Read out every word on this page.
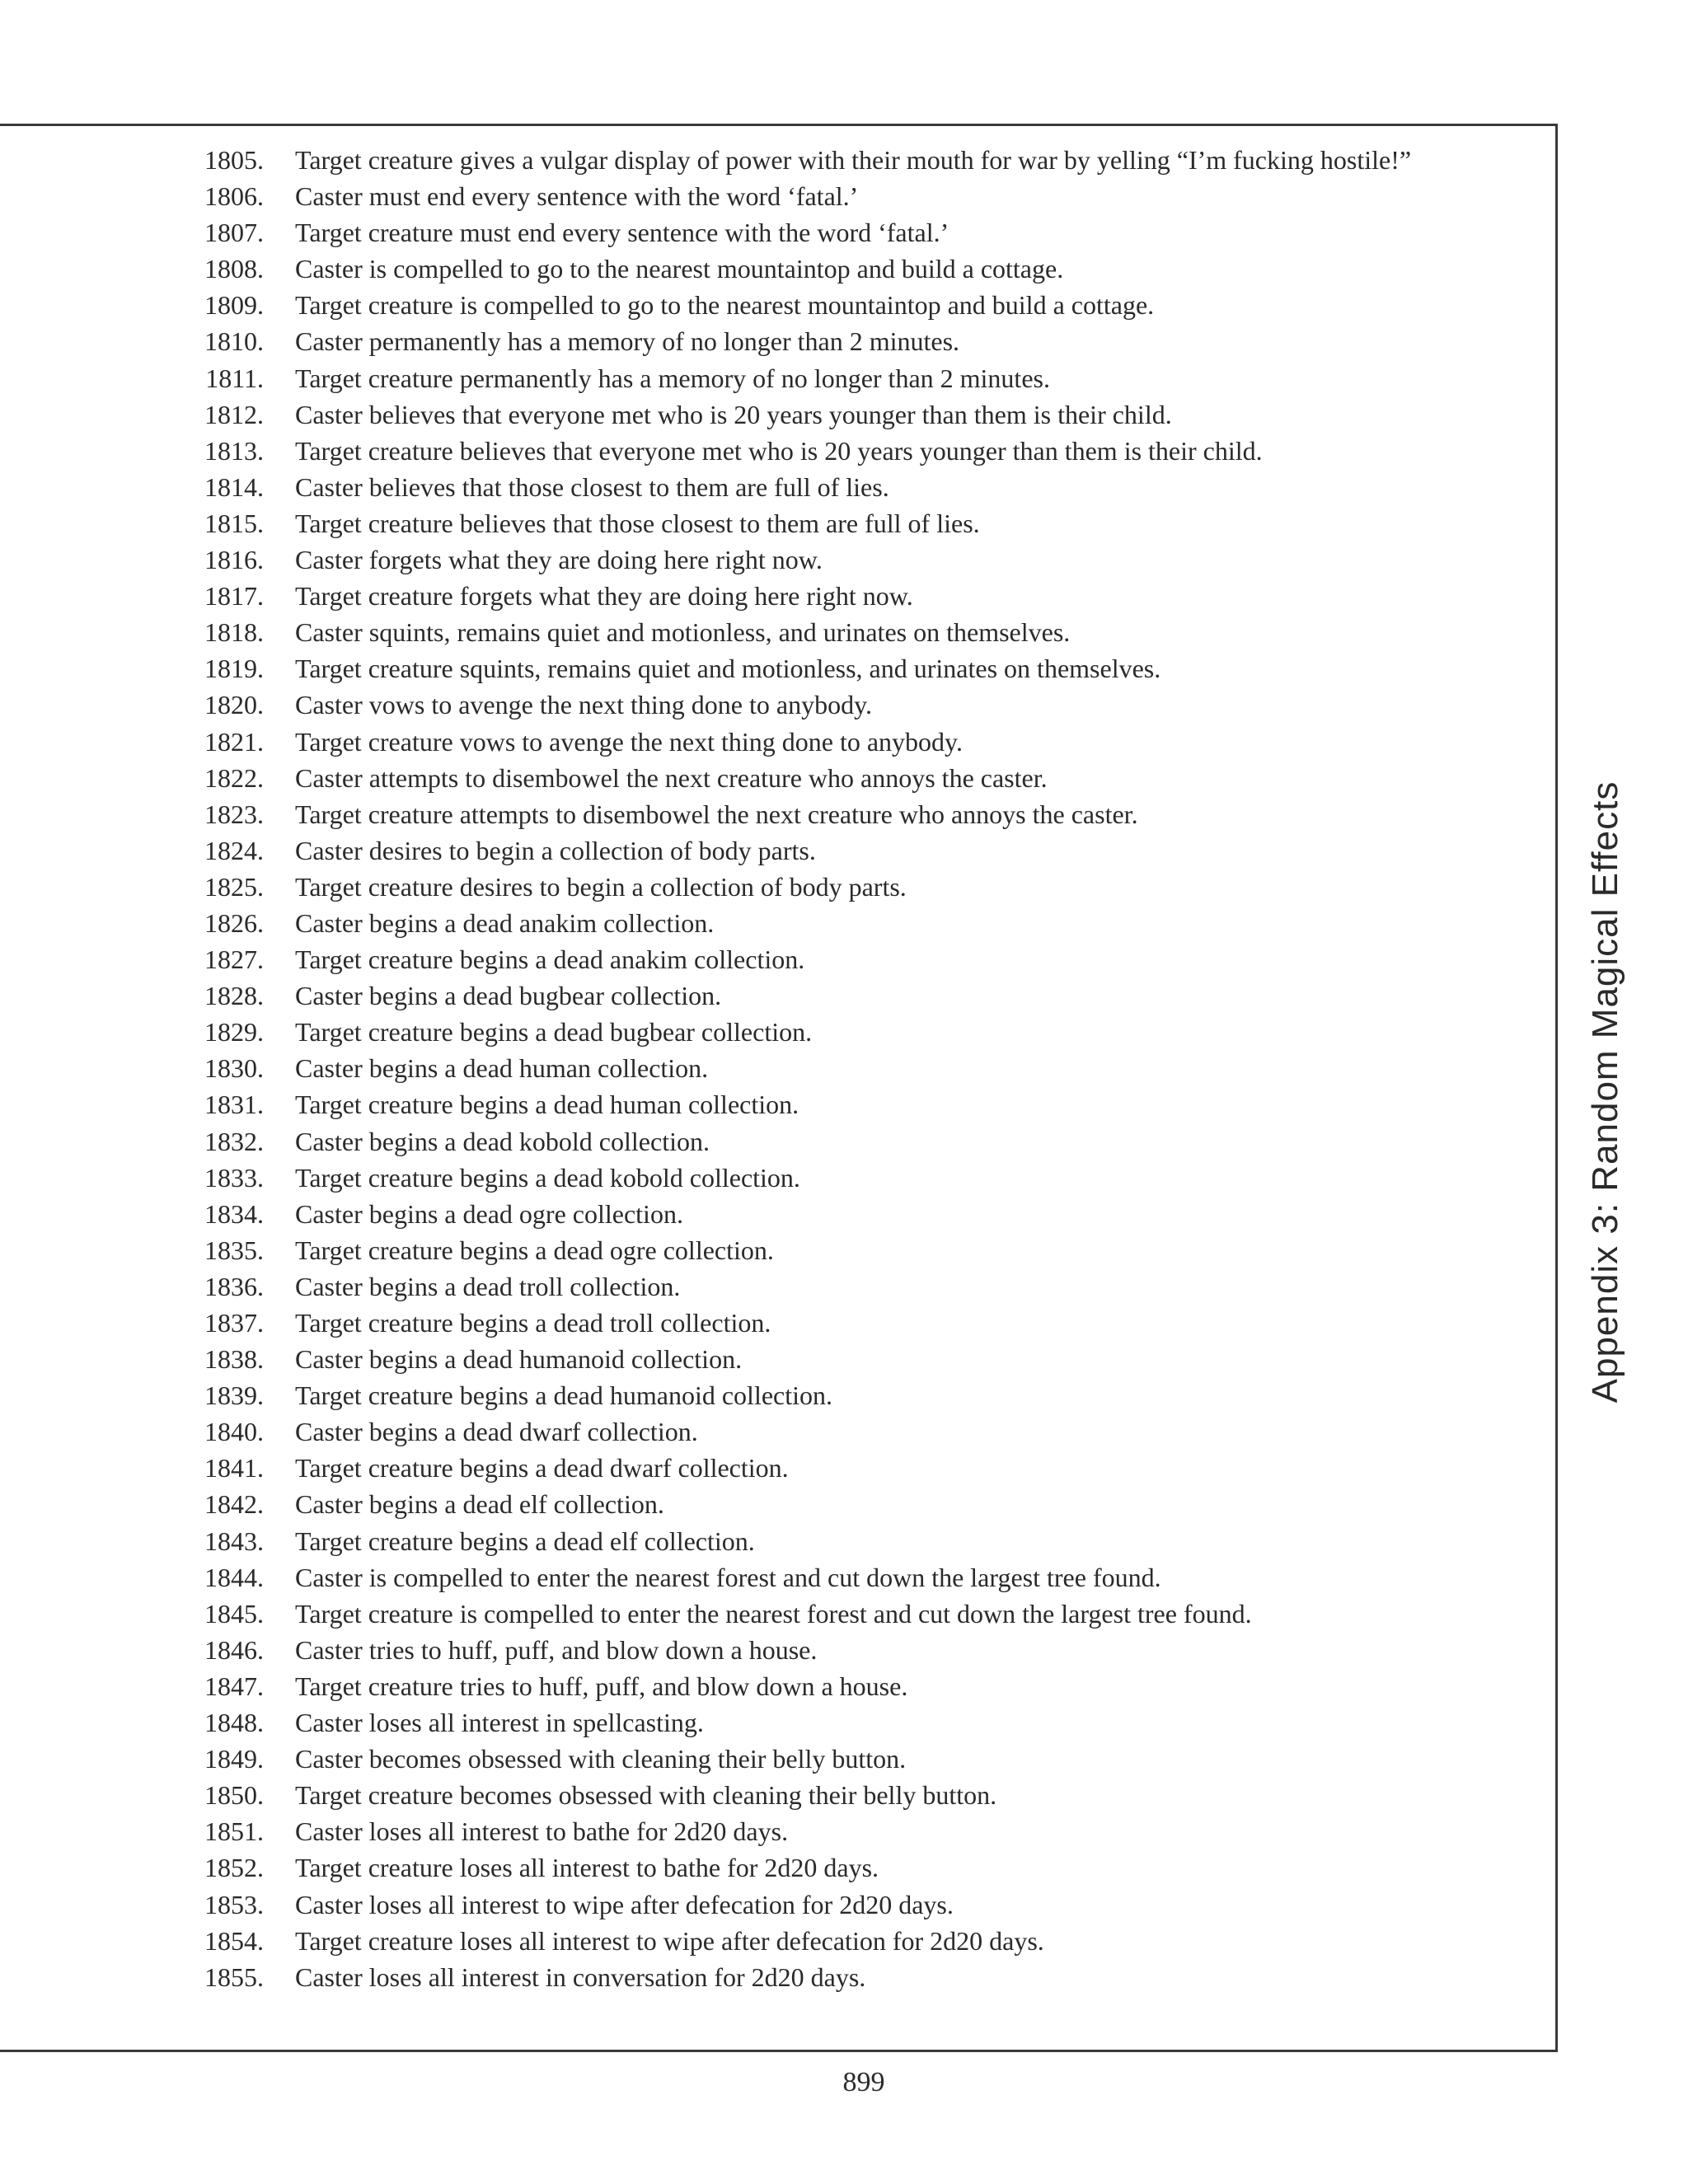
1805. Target creature gives a vulgar display of power with their mouth for war by yelling “I’m fucking hostile!”
1806. Caster must end every sentence with the word ‘fatal.’
1807. Target creature must end every sentence with the word ‘fatal.’
1808. Caster is compelled to go to the nearest mountaintop and build a cottage.
1809. Target creature is compelled to go to the nearest mountaintop and build a cottage.
1810. Caster permanently has a memory of no longer than 2 minutes.
1811. Target creature permanently has a memory of no longer than 2 minutes.
1812. Caster believes that everyone met who is 20 years younger than them is their child.
1813. Target creature believes that everyone met who is 20 years younger than them is their child.
1814. Caster believes that those closest to them are full of lies.
1815. Target creature believes that those closest to them are full of lies.
1816. Caster forgets what they are doing here right now.
1817. Target creature forgets what they are doing here right now.
1818. Caster squints, remains quiet and motionless, and urinates on themselves.
1819. Target creature squints, remains quiet and motionless, and urinates on themselves.
1820. Caster vows to avenge the next thing done to anybody.
1821. Target creature vows to avenge the next thing done to anybody.
1822. Caster attempts to disembowel the next creature who annoys the caster.
1823. Target creature attempts to disembowel the next creature who annoys the caster.
1824. Caster desires to begin a collection of body parts.
1825. Target creature desires to begin a collection of body parts.
1826. Caster begins a dead anakim collection.
1827. Target creature begins a dead anakim collection.
1828. Caster begins a dead bugbear collection.
1829. Target creature begins a dead bugbear collection.
1830. Caster begins a dead human collection.
1831. Target creature begins a dead human collection.
1832. Caster begins a dead kobold collection.
1833. Target creature begins a dead kobold collection.
1834. Caster begins a dead ogre collection.
1835. Target creature begins a dead ogre collection.
1836. Caster begins a dead troll collection.
1837. Target creature begins a dead troll collection.
1838. Caster begins a dead humanoid collection.
1839. Target creature begins a dead humanoid collection.
1840. Caster begins a dead dwarf collection.
1841. Target creature begins a dead dwarf collection.
1842. Caster begins a dead elf collection.
1843. Target creature begins a dead elf collection.
1844. Caster is compelled to enter the nearest forest and cut down the largest tree found.
1845. Target creature is compelled to enter the nearest forest and cut down the largest tree found.
1846. Caster tries to huff, puff, and blow down a house.
1847. Target creature tries to huff, puff, and blow down a house.
1848. Caster loses all interest in spellcasting.
1849. Caster becomes obsessed with cleaning their belly button.
1850. Target creature becomes obsessed with cleaning their belly button.
1851. Caster loses all interest to bathe for 2d20 days.
1852. Target creature loses all interest to bathe for 2d20 days.
1853. Caster loses all interest to wipe after defecation for 2d20 days.
1854. Target creature loses all interest to wipe after defecation for 2d20 days.
1855. Caster loses all interest in conversation for 2d20 days.
Appendix 3: Random Magical Effects
899
